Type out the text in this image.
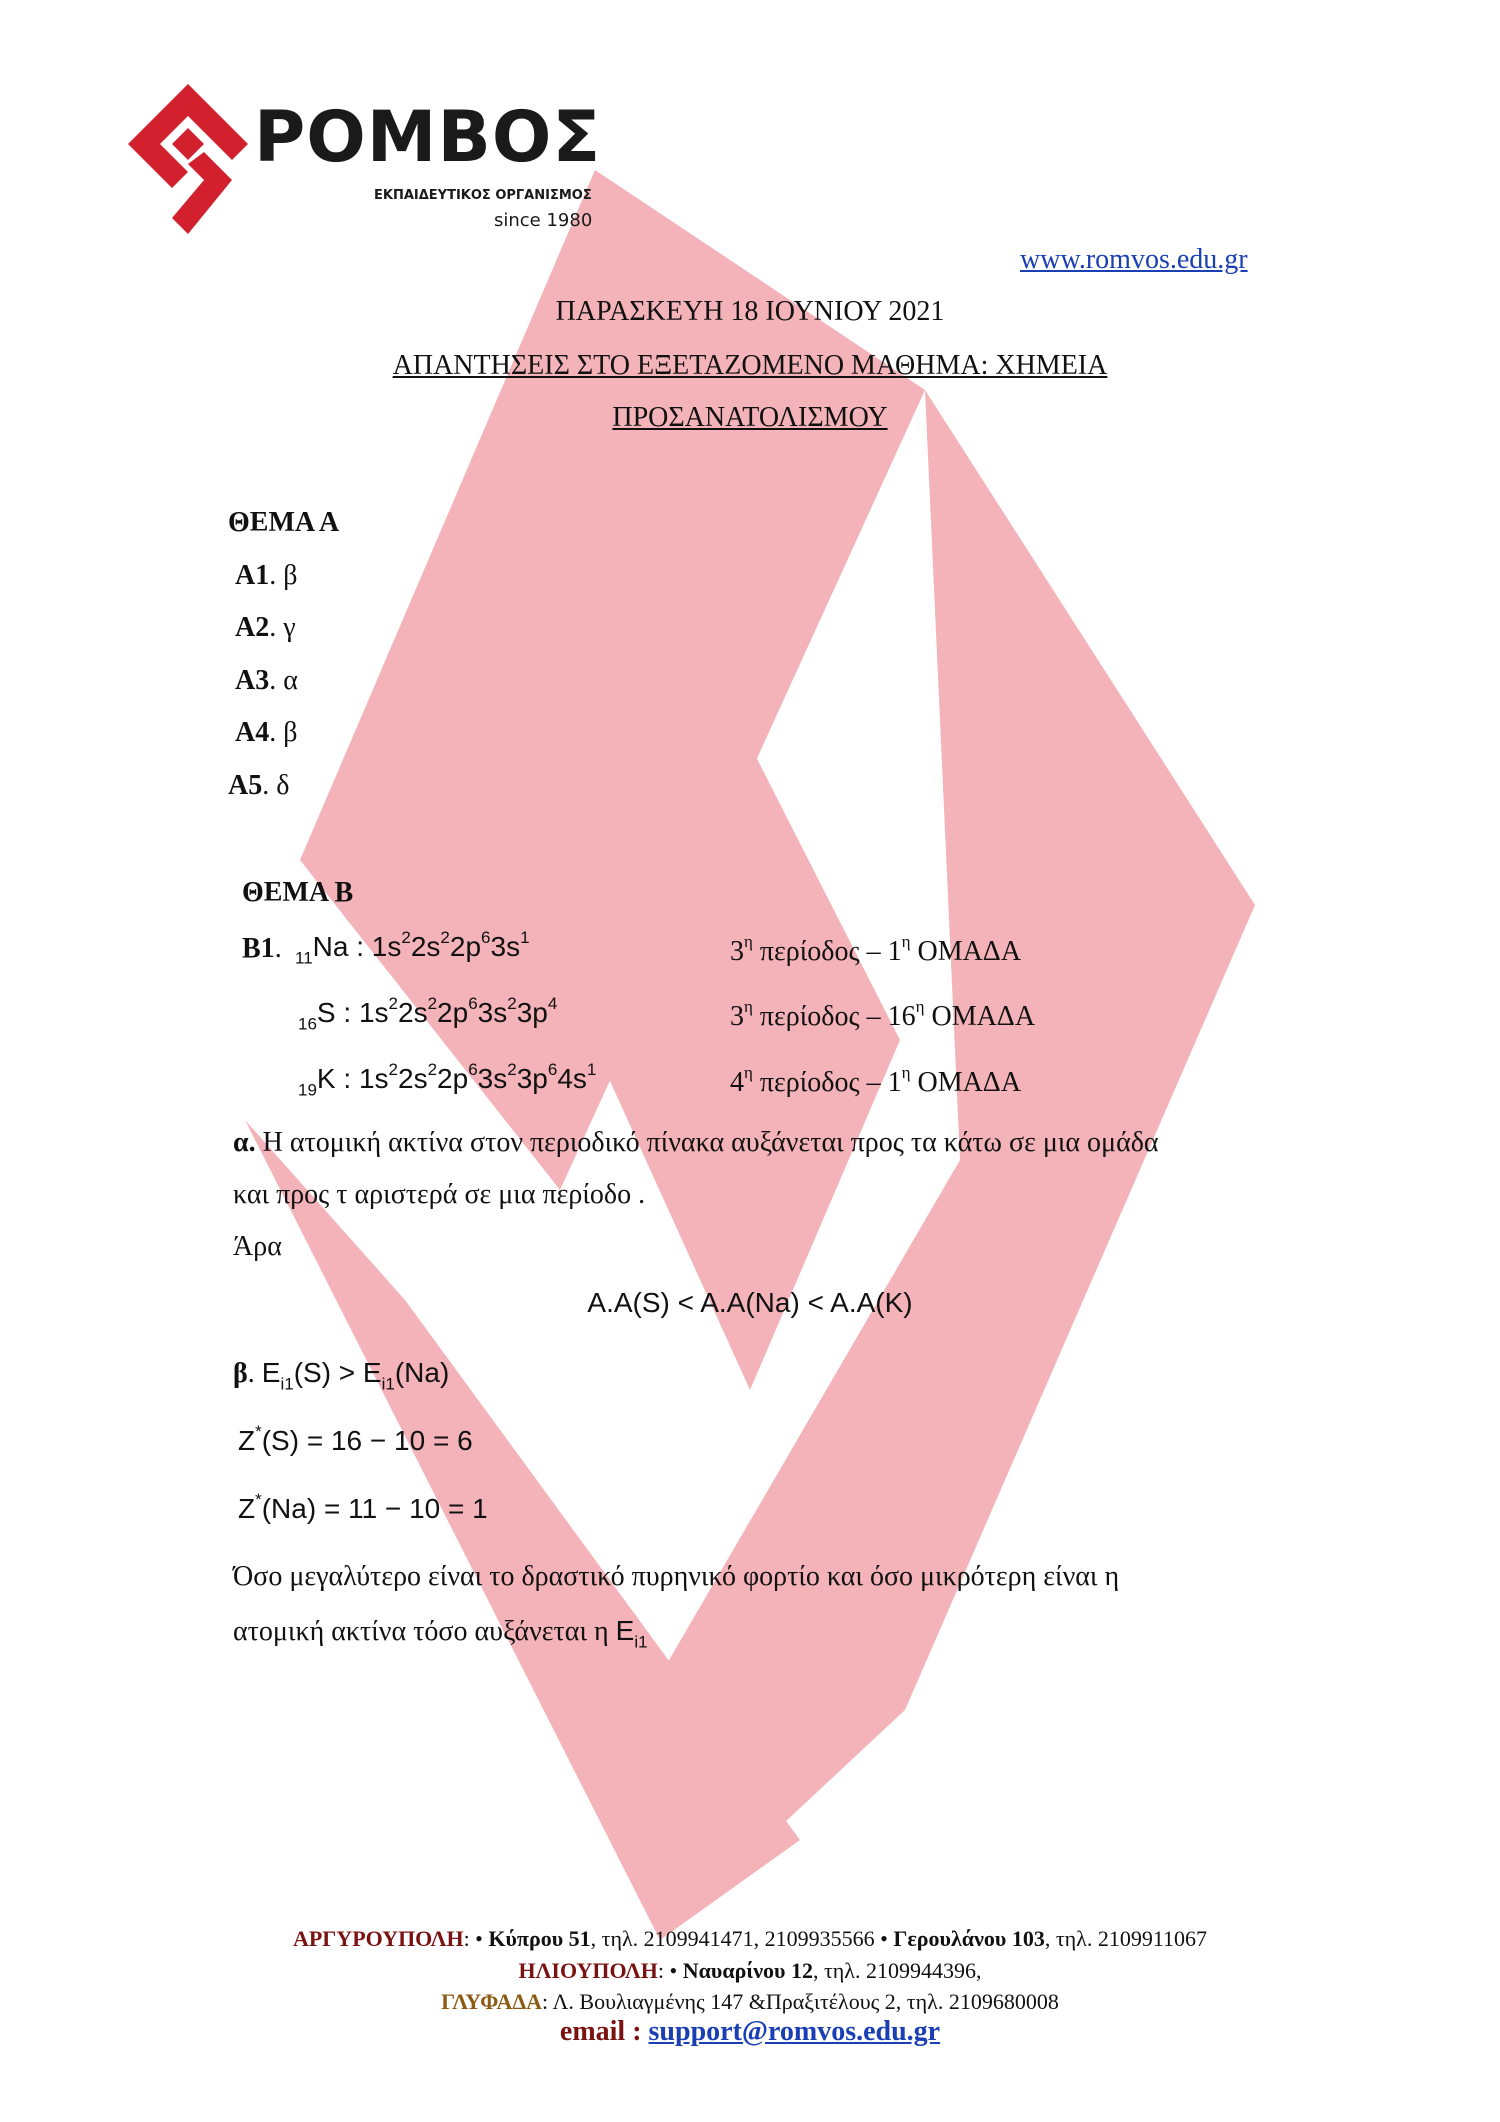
ΡΟΜΒΟΣ
ΕΚΠΑΙΔΕΥΤΙΚΟΣ ΟΡΓΑΝΙΣΜΟΣ
since 1980
www.romvos.edu.gr
ΠΑΡΑΣΚΕΥΗ 18 ΙΟΥΝΙΟΥ 2021
ΑΠΑΝΤΗΣΕΙΣ ΣΤΟ ΕΞΕΤΑΖΟΜΕΝΟ ΜΑΘΗΜΑ: ΧΗΜΕΙΑ
ΠΡΟΣΑΝΑΤΟΛΙΣΜΟΥ
ΘΕΜΑ Α
Α1. β
Α2. γ
Α3. α
Α4. β
Α5. δ
ΘΕΜΑ Β
Β1. $_{11}$Na : $1s^22s^22p^63s^1$	$3^\eta$ περίοδος – $1^\eta$ ΟΜΑΔΑ
$_{16}$S : $1s^22s^22p^63s^23p^4$	$3^\eta$ περίοδος – $16^\eta$ ΟΜΑΔΑ
$_{19}$K : $1s^22s^22p^63s^23p^64s^1$	$4^\eta$ περίοδος – $1^\eta$ ΟΜΑΔΑ
α. Η ατομική ακτίνα στον περιοδικό πίνακα αυξάνεται προς τα κάτω σε μια ομάδα
και προς τ αριστερά σε μια περίοδο .
Άρα
A.A(S) < A.A(Na) < A.A(K)
β. $E_{i1}(S) > E_{i1}(Na)$
Z*(S) = 16 − 10 = 6
Z*(Na) = 11 − 10 = 1
Όσο μεγαλύτερο είναι το δραστικό πυρηνικό φορτίο και όσο μικρότερη είναι η
ατομική ακτίνα τόσο αυξάνεται η $E_{i1}$
ΑΡΓΥΡΟΥΠΟΛΗ: • Κύπρου 51, τηλ. 2109941471, 2109935566 • Γερουλάνου 103, τηλ. 2109911067
ΗΛΙΟΥΠΟΛΗ: • Ναυαρίνου 12, τηλ. 2109944396,
ΓΛΥΦΑΔΑ: Λ. Βουλιαγμένης 147 &Πραξιτέλους 2, τηλ. 2109680008
email : support@romvos.edu.gr
